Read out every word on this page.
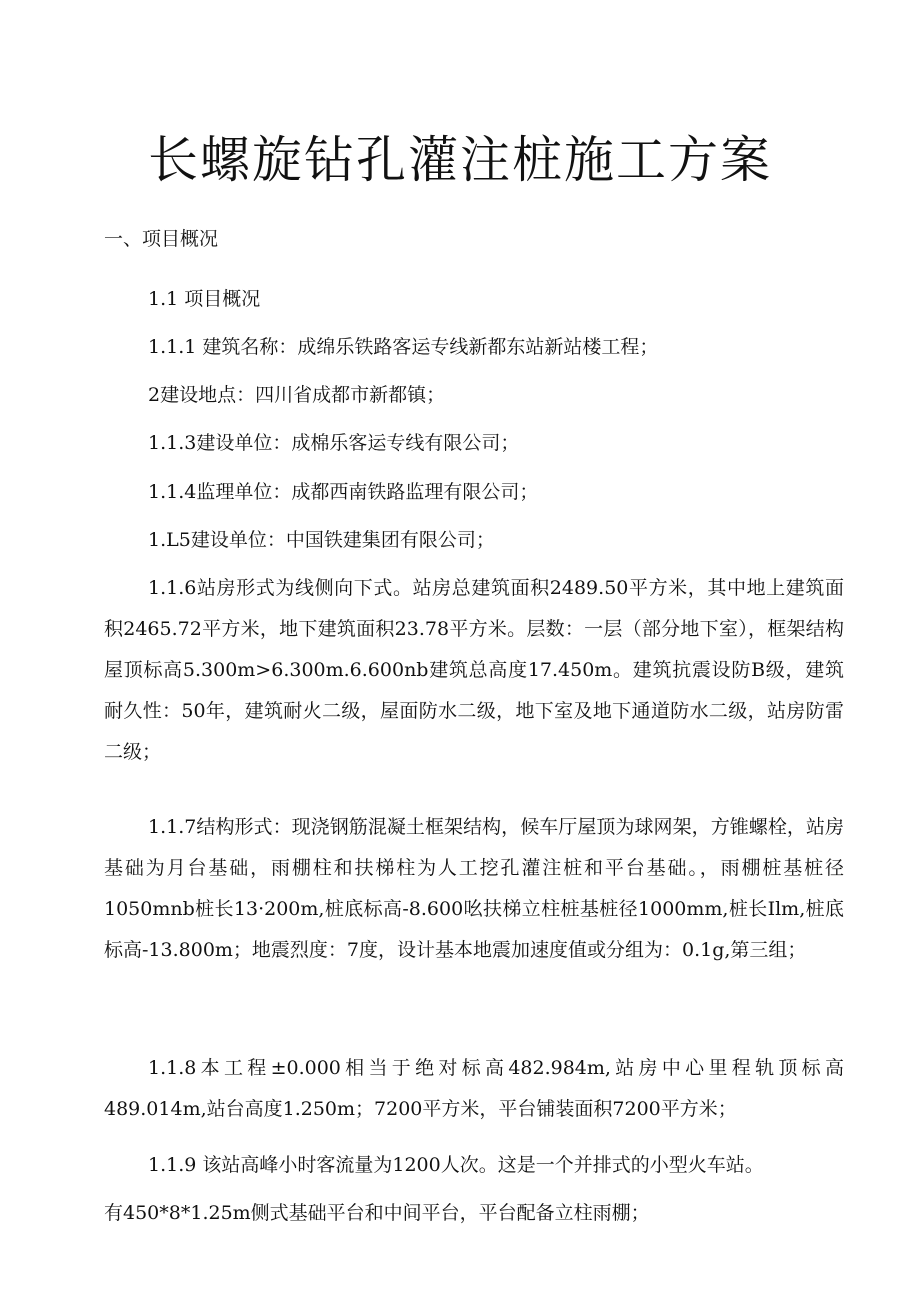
长螺旋钻孔灌注桩施工方案

一、项目概况

1.1 项目概况

1.1.1 建筑名称：成绵乐铁路客运专线新都东站新站楼工程；

2建设地点：四川省成都市新都镇；

1.1.3建设单位：成棉乐客运专线有限公司；

1.1.4监理单位：成都西南铁路监理有限公司；

1.L5建设单位：中国铁建集团有限公司；

1.1.6站房形式为线侧向下式。站房总建筑面积2489.50平方米，其中地上建筑面积2465.72平方米，地下建筑面积23.78平方米。层数：一层（部分地下室），框架结构屋顶标高5.300m>6.300m.6.600nb建筑总高度17.450m。建筑抗震设防B级，建筑耐久性：50年，建筑耐火二级，屋面防水二级，地下室及地下通道防水二级，站房防雷二级；

1.1.7结构形式：现浇钢筋混凝土框架结构，候车厅屋顶为球网架，方锥螺栓，站房基础为月台基础，雨棚柱和扶梯柱为人工挖孔灌注桩和平台基础。，雨棚桩基桩径1050mnb桩长13·200m,桩底标高-8.600吆扶梯立柱桩基桩径1000mm,桩长Ilm,桩底标高-13.800m；地震烈度：7度，设计基本地震加速度值或分组为：0.1g,第三组；

1.1.8本工程±0.000相当于绝对标高482.984m,站房中心里程轨顶标高489.014m,站台高度1.250m；7200平方米，平台铺装面积7200平方米；

1.1.9 该站高峰小时客流量为1200人次。这是一个并排式的小型火车站。

有450*8*1.25m侧式基础平台和中间平台，平台配备立柱雨棚；
